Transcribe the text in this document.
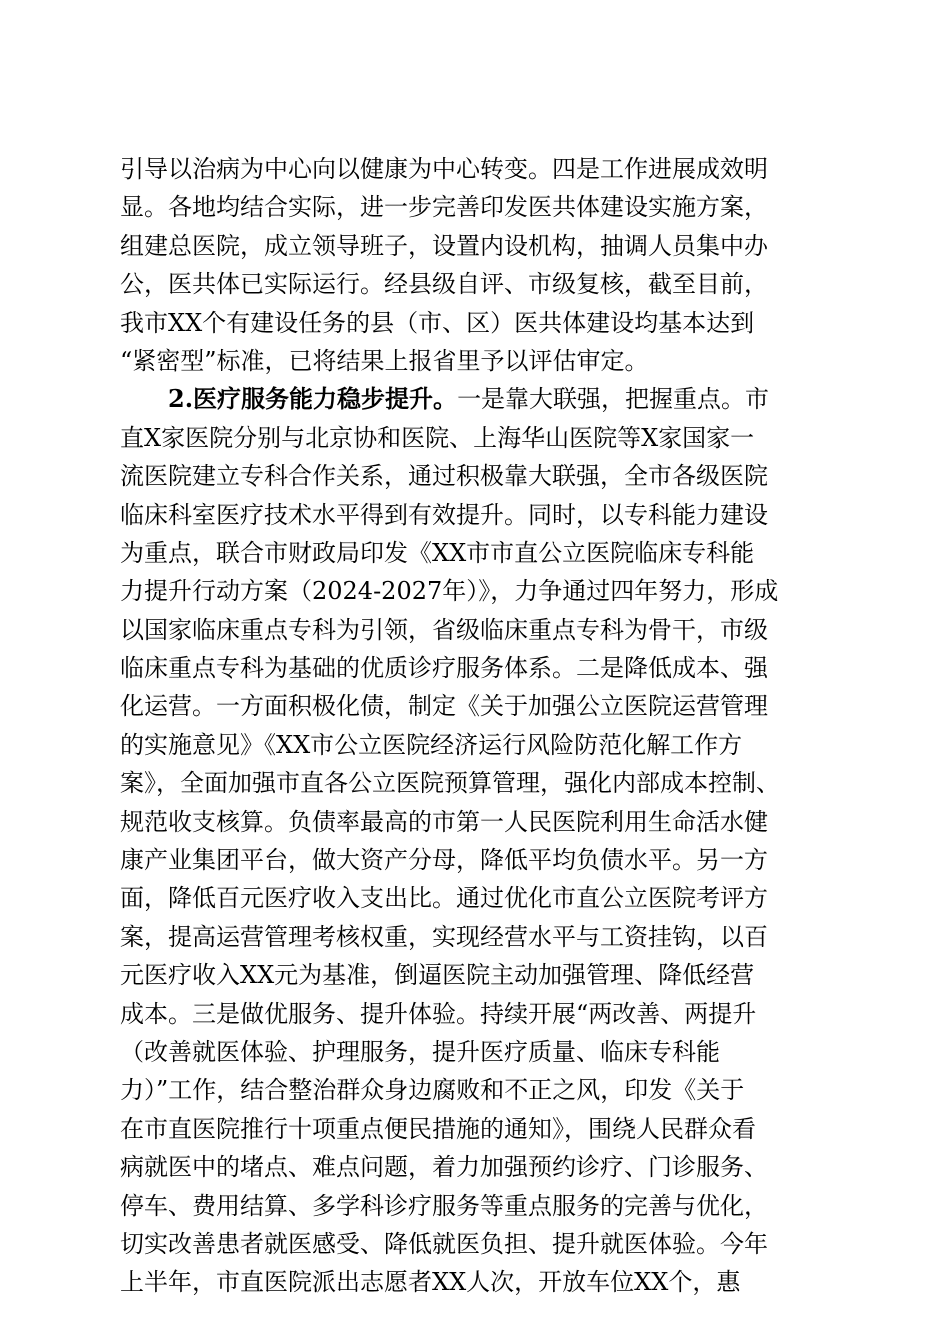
引导以治病为中心向以健康为中心转变。四是工作进展成效明
显。各地均结合实际，进一步完善印发医共体建设实施方案，
组建总医院，成立领导班子，设置内设机构，抽调人员集中办
公，医共体已实际运行。经县级自评、市级复核，截至目前，
我市XX个有建设任务的县（市、区）医共体建设均基本达到
“紧密型”标准，已将结果上报省里予以评估审定。
2.医疗服务能力稳步提升。一是靠大联强，把握重点。市
直X家医院分别与北京协和医院、上海华山医院等X家国家一
流医院建立专科合作关系，通过积极靠大联强，全市各级医院
临床科室医疗技术水平得到有效提升。同时，以专科能力建设
为重点，联合市财政局印发《XX市市直公立医院临床专科能
力提升行动方案（2024-2027年）》，力争通过四年努力，形成
以国家临床重点专科为引领，省级临床重点专科为骨干，市级
临床重点专科为基础的优质诊疗服务体系。二是降低成本、强
化运营。一方面积极化债，制定《关于加强公立医院运营管理
的实施意见》《XX市公立医院经济运行风险防范化解工作方
案》，全面加强市直各公立医院预算管理，强化内部成本控制、
规范收支核算。负债率最高的市第一人民医院利用生命活水健
康产业集团平台，做大资产分母，降低平均负债水平。另一方
面，降低百元医疗收入支出比。通过优化市直公立医院考评方
案，提高运营管理考核权重，实现经营水平与工资挂钩，以百
元医疗收入XX元为基准，倒逼医院主动加强管理、降低经营
成本。三是做优服务、提升体验。持续开展“两改善、两提升
（改善就医体验、护理服务，提升医疗质量、临床专科能
力）”工作，结合整治群众身边腐败和不正之风，印发《关于
在市直医院推行十项重点便民措施的通知》，围绕人民群众看
病就医中的堵点、难点问题，着力加强预约诊疗、门诊服务、
停车、费用结算、多学科诊疗服务等重点服务的完善与优化，
切实改善患者就医感受、降低就医负担、提升就医体验。今年
上半年，市直医院派出志愿者XX人次，开放车位XX个，惠
